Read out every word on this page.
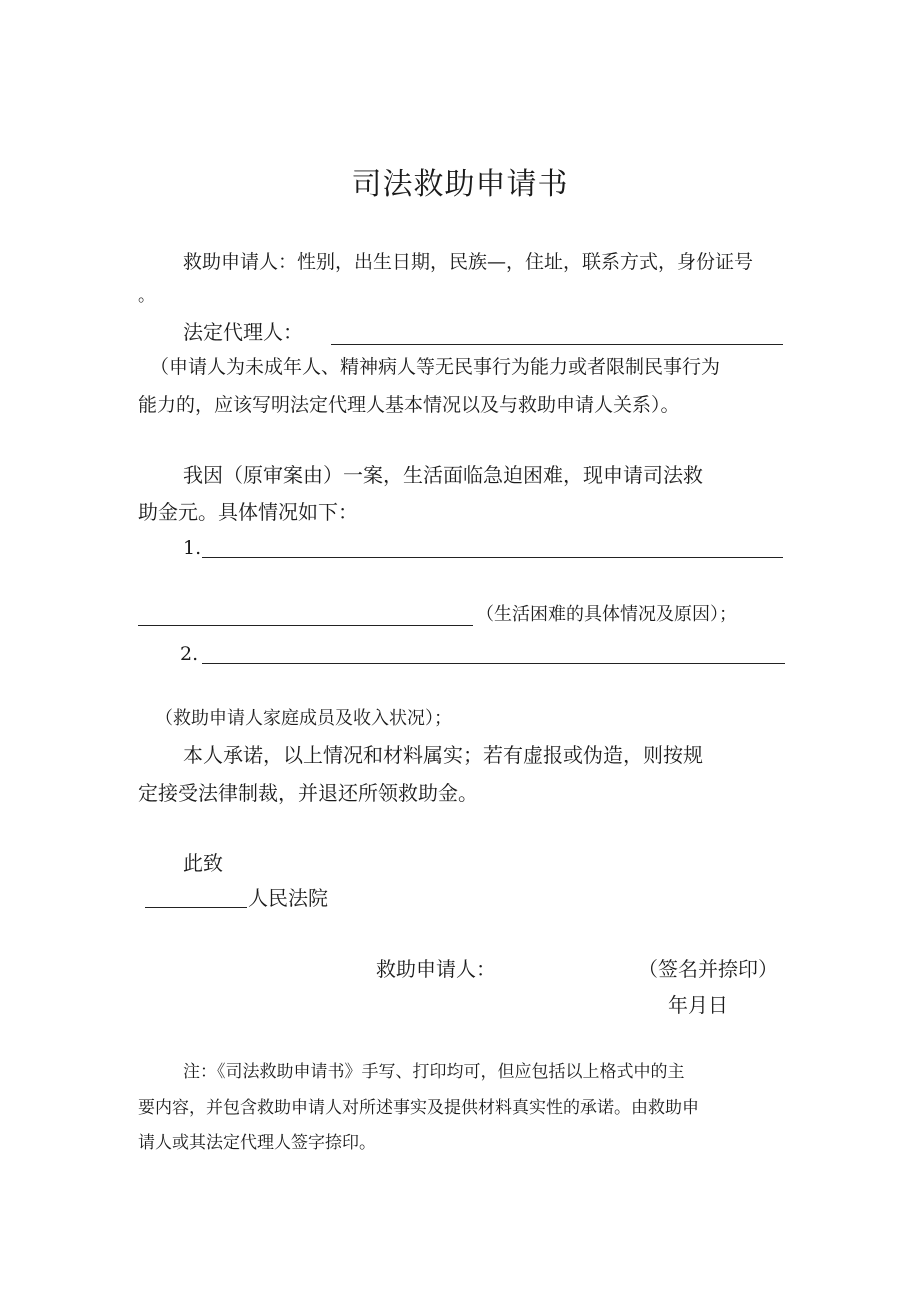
司法救助申请书
救助申请人：性别，出生日期，民族—，住址，联系方式，身份证号
。
法定代理人：
（申请人为未成年人、精神病人等无民事行为能力或者限制民事行为
能力的，应该写明法定代理人基本情况以及与救助申请人关系）。
我因（原审案由）一案，生活面临急迫困难，现申请司法救
助金元。具体情况如下：
1.
（生活困难的具体情况及原因）；
2.
（救助申请人家庭成员及收入状况）；
本人承诺，以上情况和材料属实；若有虚报或伪造，则按规
定接受法律制裁，并退还所领救助金。
此致
人民法院
救助申请人：	（签名并捺印）
年月日
注：《司法救助申请书》手写、打印均可，但应包括以上格式中的主
要内容，并包含救助申请人对所述事实及提供材料真实性的承诺。由救助申
请人或其法定代理人签字捺印。
